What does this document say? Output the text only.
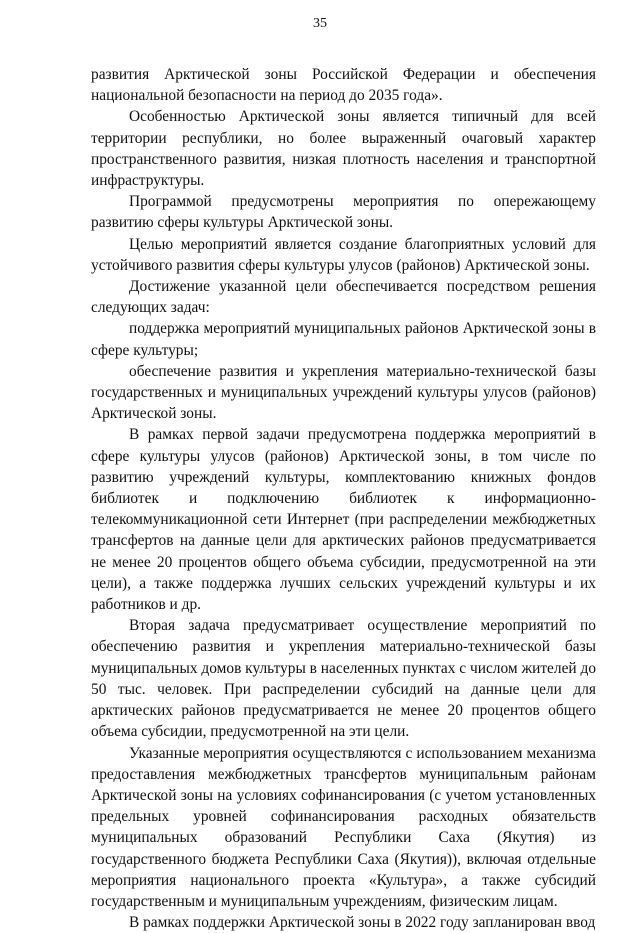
35

развития Арктической зоны Российской Федерации и обеспечения национальной безопасности на период до 2035 года».

Особенностью Арктической зоны является типичный для всей территории республики, но более выраженный очаговый характер пространственного развития, низкая плотность населения и транспортной инфраструктуры.

Программой предусмотрены мероприятия по опережающему развитию сферы культуры Арктической зоны.

Целью мероприятий является создание благоприятных условий для устойчивого развития сферы культуры улусов (районов) Арктической зоны.

Достижение указанной цели обеспечивается посредством решения следующих задач:

поддержка мероприятий муниципальных районов Арктической зоны в сфере культуры;

обеспечение развития и укрепления материально-технической базы государственных и муниципальных учреждений культуры улусов (районов) Арктической зоны.

В рамках первой задачи предусмотрена поддержка мероприятий в сфере культуры улусов (районов) Арктической зоны, в том числе по развитию учреждений культуры, комплектованию книжных фондов библиотек и подключению библиотек к информационно-телекоммуникационной сети Интернет (при распределении межбюджетных трансфертов на данные цели для арктических районов предусматривается не менее 20 процентов общего объема субсидии, предусмотренной на эти цели), а также поддержка лучших сельских учреждений культуры и их работников и др.

Вторая задача предусматривает осуществление мероприятий по обеспечению развития и укрепления материально-технической базы муниципальных домов культуры в населенных пунктах с числом жителей до 50 тыс. человек. При распределении субсидий на данные цели для арктических районов предусматривается не менее 20 процентов общего объема субсидии, предусмотренной на эти цели.

Указанные мероприятия осуществляются с использованием механизма предоставления межбюджетных трансфертов муниципальным районам Арктической зоны на условиях софинансирования (с учетом установленных предельных уровней софинансирования расходных обязательств муниципальных образований Республики Саха (Якутия) из государственного бюджета Республики Саха (Якутия)), включая отдельные мероприятия национального проекта «Культура», а также субсидий государственным и муниципальным учреждениям, физическим лицам.

В рамках поддержки Арктической зоны в 2022 году запланирован ввод
